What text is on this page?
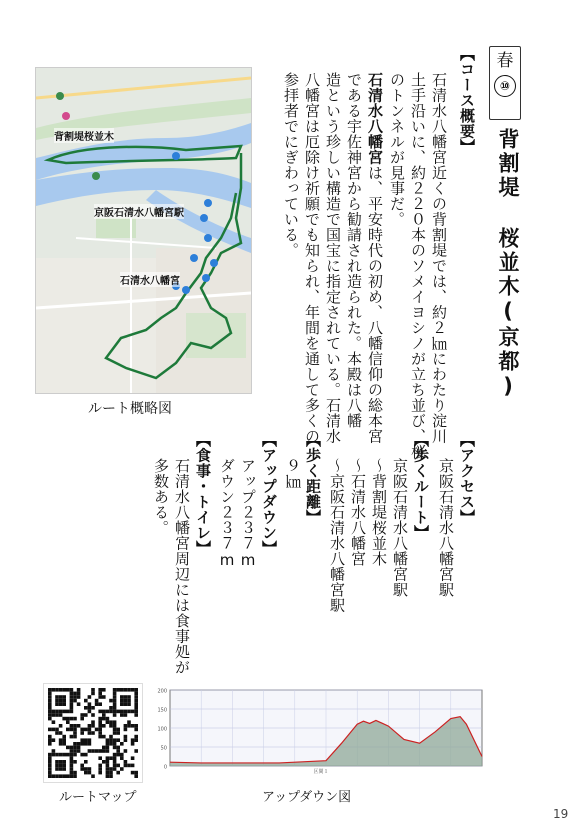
春
⑩
背割堤 桜並木(京都)
【コース概要】
石清水八幡宮近くの背割堤では、約２㎞にわたり淀川
土手沿いに、約２２０本のソメイヨシノが立ち並び、桜
のトンネルが見事だ。
石清水八幡宮は、平安時代の初め、八幡信仰の総本宮
である宇佐神宮から勧請され造られた。本殿は八幡
造という珍しい構造で国宝に指定されている。石清水
八幡宮は厄除け祈願でも知られ、年間を通して多くの
参拝者でにぎわっている。
【アクセス】
京阪石清水八幡宮駅
【歩くルート】
京阪石清水八幡宮駅
～背割堤桜並木
～石清水八幡宮
～京阪石清水八幡宮駅
【歩く距離】
９㎞
【アップダウン】
アップ２３７m
ダウン２３７m
【食事・トイレ】
石清水八幡宮周辺には食事処が
多数ある。
背割堤桜並木
京阪石清水八幡宮駅
石清水八幡宮
ルート概略図
ルートマップ
200
150
100
50
0
区間１
アップダウン図
19
